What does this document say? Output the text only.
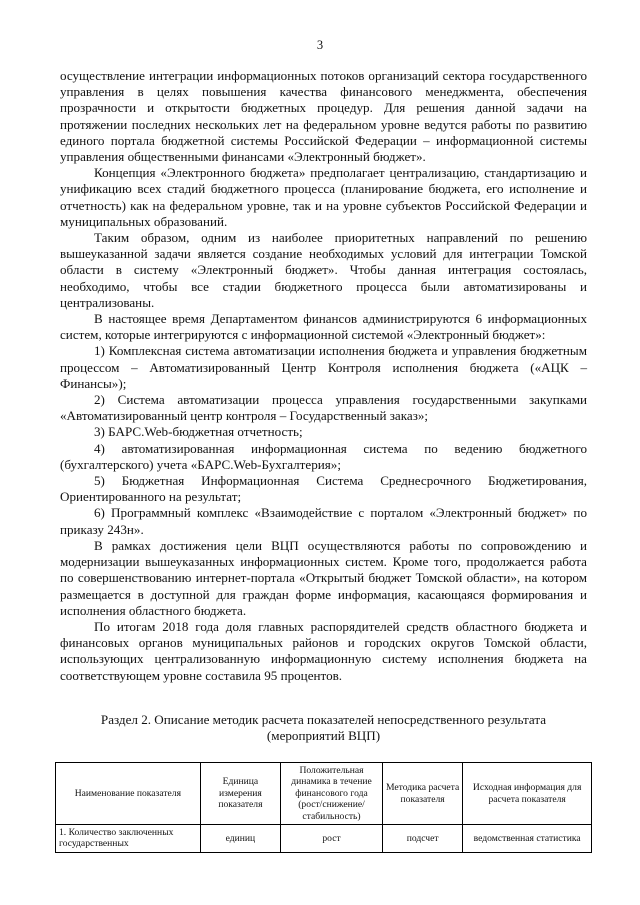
3

осуществление интеграции информационных потоков организаций сектора государственного управления в целях повышения качества финансового менеджмента, обеспечения прозрачности и открытости бюджетных процедур. Для решения данной задачи на протяжении последних нескольких лет на федеральном уровне ведутся работы по развитию единого портала бюджетной системы Российской Федерации – информационной системы управления общественными финансами «Электронный бюджет».

Концепция «Электронного бюджета» предполагает централизацию, стандартизацию и унификацию всех стадий бюджетного процесса (планирование бюджета, его исполнение и отчетность) как на федеральном уровне, так и на уровне субъектов Российской Федерации и муниципальных образований.

Таким образом, одним из наиболее приоритетных направлений по решению вышеуказанной задачи является создание необходимых условий для интеграции Томской области в систему «Электронный бюджет». Чтобы данная интеграция состоялась, необходимо, чтобы все стадии бюджетного процесса были автоматизированы и централизованы.

В настоящее время Департаментом финансов администрируются 6 информационных систем, которые интегрируются с информационной системой «Электронный бюджет»:

1) Комплексная система автоматизации исполнения бюджета и управления бюджетным процессом – Автоматизированный Центр Контроля исполнения бюджета («АЦК – Финансы»);

2) Система автоматизации процесса управления государственными закупками «Автоматизированный центр контроля – Государственный заказ»;

3) БАРС.Web-бюджетная отчетность;

4) автоматизированная информационная система по ведению бюджетного (бухгалтерского) учета «БАРС.Web-Бухгалтерия»;

5) Бюджетная Информационная Система Среднесрочного Бюджетирования, Ориентированного на результат;

6) Программный комплекс «Взаимодействие с порталом «Электронный бюджет» по приказу 243н».

В рамках достижения цели ВЦП осуществляются работы по сопровождению и модернизации вышеуказанных информационных систем. Кроме того, продолжается работа по совершенствованию интернет-портала «Открытый бюджет Томской области», на котором размещается в доступной для граждан форме информация, касающаяся формирования и исполнения областного бюджета.

По итогам 2018 года доля главных распорядителей средств областного бюджета и финансовых органов муниципальных районов и городских округов Томской области, использующих централизованную информационную систему исполнения бюджета на соответствующем уровне составила 95 процентов.

Раздел 2. Описание методик расчета показателей непосредственного результата
(мероприятий ВЦП)
Наименование показателя	Единица измерения показателя	Положительная динамика в течение финансового года (рост/снижение/ стабильность)	Методика расчета показателя	Исходная информация для расчета показателя
1. Количество заключенных государственных	единиц	рост	подсчет	ведомственная статистика
